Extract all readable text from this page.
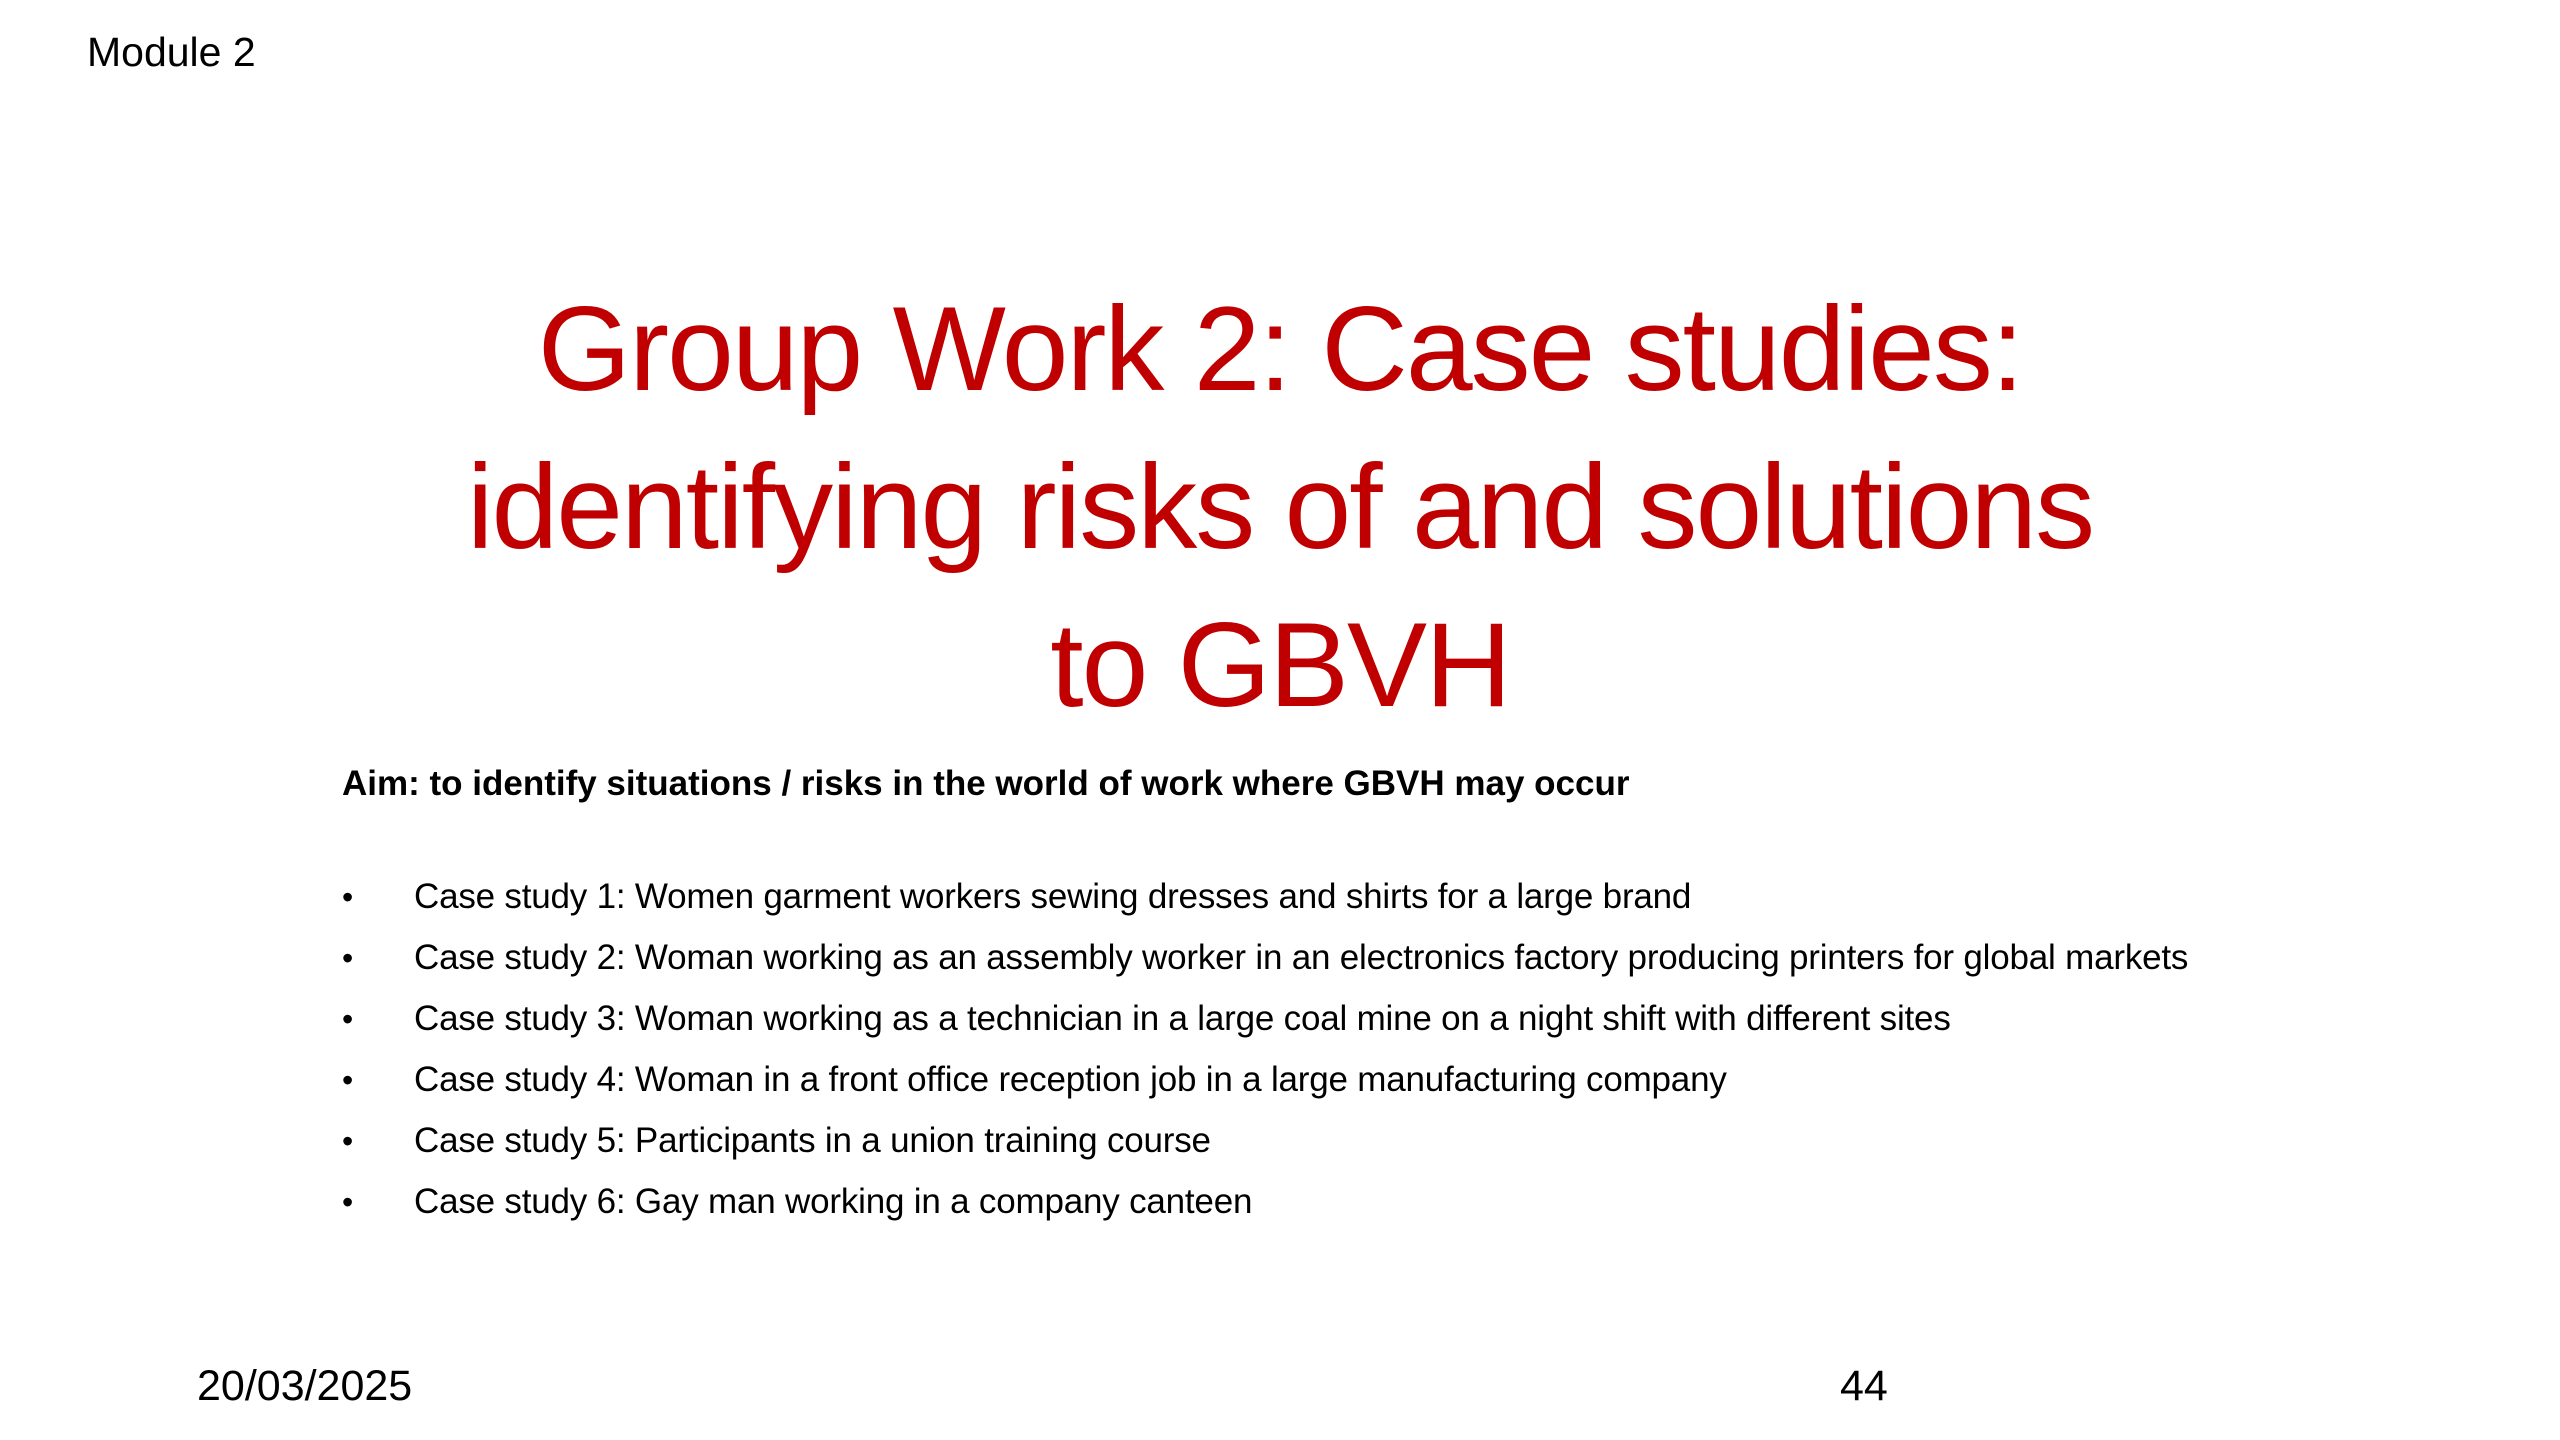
Module 2
Group Work 2: Case studies:
identifying risks of and solutions
to GBVH
Aim: to identify situations / risks in the world of work where GBVH may occur
•	Case study 1: Women garment workers sewing dresses and shirts for a large brand
•	Case study 2: Woman working as an assembly worker in an electronics factory producing printers for global markets
•	Case study 3: Woman working as a technician in a large coal mine on a night shift with different sites
•	Case study 4: Woman in a front office reception job in a large manufacturing company
•	Case study 5: Participants in a union training course
•	Case study 6: Gay man working in a company canteen
20/03/2025	44
